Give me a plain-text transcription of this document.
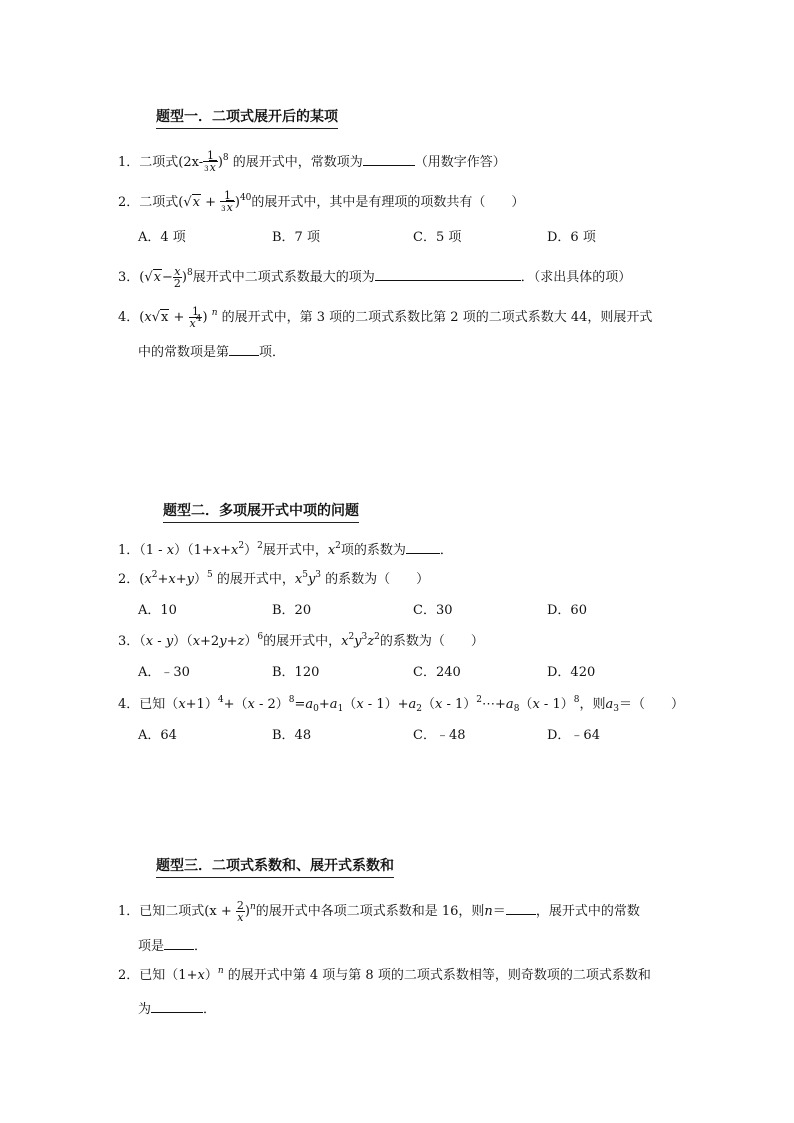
题型一．二项式展开后的某项
1．二项式$(2x- \frac{1}{3x} )^8$ 的展开式中，常数项为	（用数字作答）
2．二项式$(√x + \frac{1}{3x} )^{40}$的展开式中，其中是有理项的项数共有（　　）
A．4 项	B．7 项	C．5 项	D．6 项
3．$(√x- \frac{x}{2} )^8$展开式中二项式系数最大的项为	．（求出具体的项）
4．($x√x + \frac{1}{x^4}$ ) $^n$ 的展开式中，第 3 项的二项式系数比第 2 项的二项式系数大 44，则展开式
中的常数项是第 项．
题型二．多项展开式中项的问题
1．$(1 - x)(1+x+x^2)^2$展开式中，$x^2$项的系数为	．
2．$(x^2+x+y)^5$ 的展开式中，$x^5y^3$ 的系数为（　　）
A．10	B．20	C．30	D．60
3．$(x - y)(x+2y+z)^6$的展开式中，$x^2y^3z^2$的系数为（　　）
A．﹣30	B．120	C．240	D．420
4．已知$(x+1)^4+(x - 2)^8=a_0+a_1(x - 1)+a_2(x$ - $1)^2\cdots+a_8(x - 1)^8$，则$a_3=$（　　）
A．64	B．48	C．﹣48	D．﹣64
题型三．二项式系数和、展开式系数和
1．已知二项式$(x + \frac{2}{x} )^n$的展开式中各项二项式系数和是 16，则n＝ ，展开式中的常数
项是 ．
2．已知$(1+x)^n$ 的展开式中第 4 项与第 8 项的二项式系数相等，则奇数项的二项式系数和
为	．
